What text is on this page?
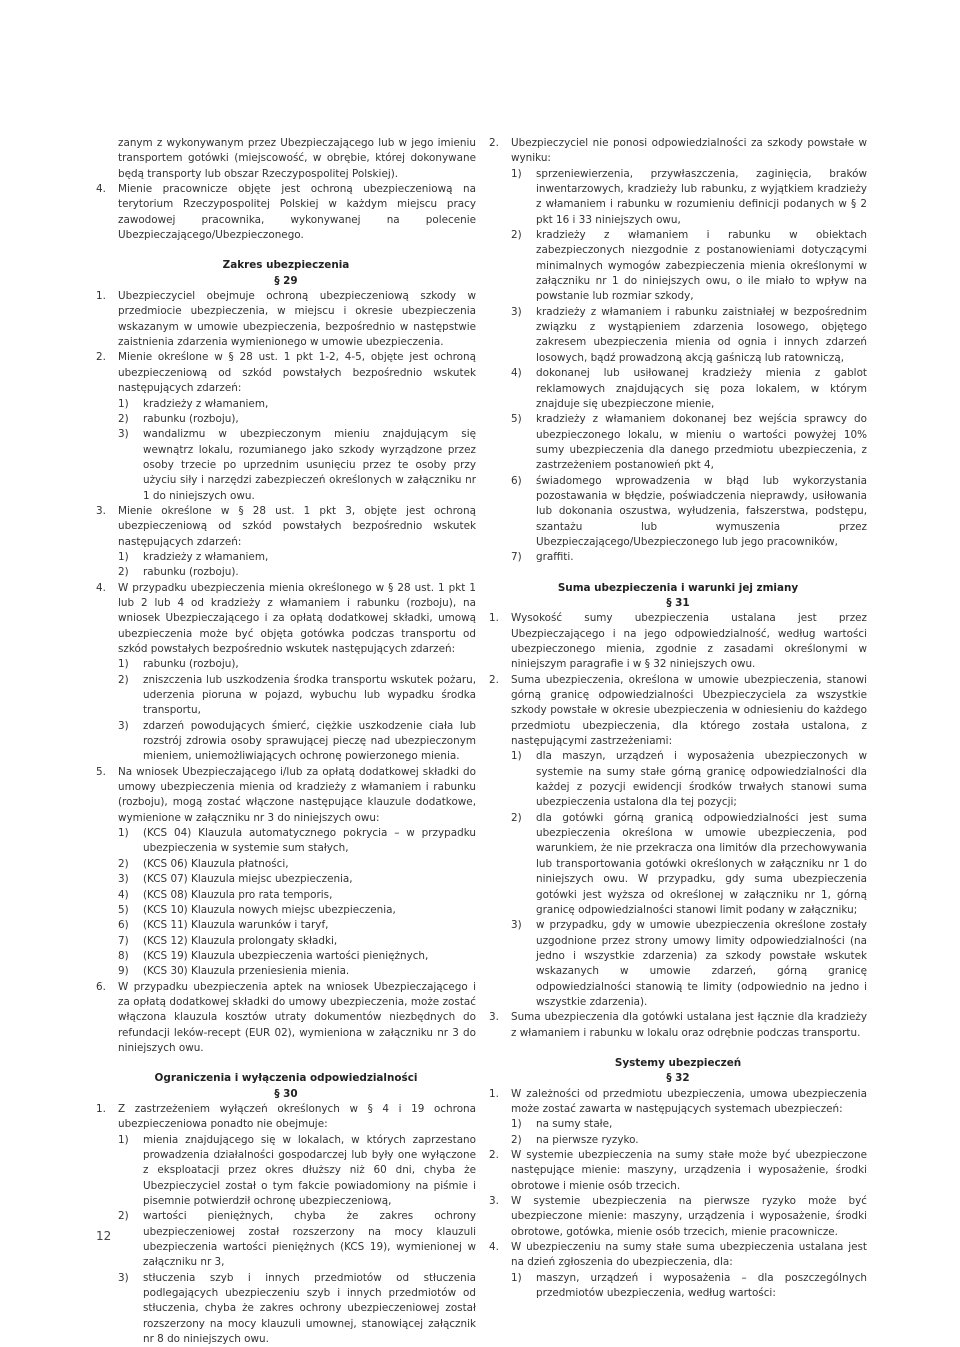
zanym z wykonywanym przez Ubezpieczającego lub w jego imieniu transportem gotówki (miejscowość, w obrębie, której dokonywane będą transporty lub obszar Rzeczypospolitej Polskiej).

4.	Mienie pracownicze objęte jest ochroną ubezpieczeniową na terytorium Rzeczypospolitej Polskiej w każdym miejscu pracy zawodowej pracownika, wykonywanej na polecenie Ubezpieczającego/Ubezpieczonego.

Zakres ubezpieczenia

§ 29

1.	Ubezpieczyciel obejmuje ochroną ubezpieczeniową szkody w przedmiocie ubezpieczenia, w miejscu i okresie ubezpieczenia wskazanym w umowie ubezpieczenia, bezpośrednio w następstwie zaistnienia zdarzenia wymienionego w umowie ubezpieczenia.
2.	Mienie określone w § 28 ust. 1 pkt 1-2, 4-5, objęte jest ochroną ubezpieczeniową od szkód powstałych bezpośrednio wskutek następujących zdarzeń:
1)	kradzieży z włamaniem,
2)	rabunku (rozboju),
3)	wandalizmu w ubezpieczonym mieniu znajdującym się wewnątrz lokalu, rozumianego jako szkody wyrządzone przez osoby trzecie po uprzednim usunięciu przez te osoby przy użyciu siły i narzędzi zabezpieczeń określonych w załączniku nr 1 do niniejszych owu.
3.	Mienie określone w § 28 ust. 1 pkt 3, objęte jest ochroną ubezpieczeniową od szkód powstałych bezpośrednio wskutek następujących zdarzeń:
1)	kradzieży z włamaniem,
2)	rabunku (rozboju).
4.	W przypadku ubezpieczenia mienia określonego w § 28 ust. 1 pkt 1 lub 2 lub 4 od kradzieży z włamaniem i rabunku (rozboju), na wniosek Ubezpieczającego i za opłatą dodatkowej składki, umową ubezpieczenia może być objęta gotówka podczas transportu od szkód powstałych bezpośrednio wskutek następujących zdarzeń:
1)	rabunku (rozboju),
2)	zniszczenia lub uszkodzenia środka transportu wskutek pożaru, uderzenia pioruna w pojazd, wybuchu lub wypadku środka transportu,
3)	zdarzeń powodujących śmierć, ciężkie uszkodzenie ciała lub rozstrój zdrowia osoby sprawującej pieczę nad ubezpieczonym mieniem, uniemożliwiających ochronę powierzonego mienia.
5.	Na wniosek Ubezpieczającego i/lub za opłatą dodatkowej składki do umowy ubezpieczenia mienia od kradzieży z włamaniem i rabunku (rozboju), mogą zostać włączone następujące klauzule dodatkowe, wymienione w załączniku nr 3 do niniejszych owu:
1)	(KCS 04) Klauzula automatycznego pokrycia – w przypadku ubezpieczenia w systemie sum stałych,
2)	(KCS 06) Klauzula płatności,
3)	(KCS 07) Klauzula miejsc ubezpieczenia,
4)	(KCS 08) Klauzula pro rata temporis,
5)	(KCS 10) Klauzula nowych miejsc ubezpieczenia,
6)	(KCS 11) Klauzula warunków i taryf,
7)	(KCS 12) Klauzula prolongaty składki,
8)	(KCS 19) Klauzula ubezpieczenia wartości pieniężnych,
9)	(KCS 30) Klauzula przeniesienia mienia.
6.	W przypadku ubezpieczenia aptek na wniosek Ubezpieczającego i za opłatą dodatkowej składki do umowy ubezpieczenia, może zostać włączona klauzula kosztów utraty dokumentów niezbędnych do refundacji leków-recept (EUR 02), wymieniona w załączniku nr 3 do niniejszych owu.

Ograniczenia i wyłączenia odpowiedzialności

§ 30

1.	Z zastrzeżeniem wyłączeń określonych w § 4 i 19 ochrona ubezpieczeniowa ponadto nie obejmuje:
1)	mienia znajdującego się w lokalach, w których zaprzestano prowadzenia działalności gospodarczej lub były one wyłączone z eksploatacji przez okres dłuższy niż 60 dni, chyba że Ubezpieczyciel został o tym fakcie powiadomiony na piśmie i pisemnie potwierdził ochronę ubezpieczeniową,
2)	wartości pieniężnych, chyba że zakres ochrony ubezpieczeniowej został rozszerzony na mocy klauzuli ubezpieczenia wartości pieniężnych (KCS 19), wymienionej w załączniku nr 3,
3)	stłuczenia szyb i innych przedmiotów od stłuczenia podlegających ubezpieczeniu szyb i innych przedmiotów od stłuczenia, chyba że zakres ochrony ubezpieczeniowej został rozszerzony na mocy klauzuli umownej, stanowiącej załącznik nr 8 do niniejszych owu.
2.	Ubezpieczyciel nie ponosi odpowiedzialności za szkody powstałe w wyniku:
1)	sprzeniewierzenia, przywłaszczenia, zaginięcia, braków inwentarzowych, kradzieży lub rabunku, z wyjątkiem kradzieży z włamaniem i rabunku w rozumieniu definicji podanych w § 2 pkt 16 i 33 niniejszych owu,
2)	kradzieży z włamaniem i rabunku w obiektach zabezpieczonych niezgodnie z postanowieniami dotyczącymi minimalnych wymogów zabezpieczenia mienia określonymi w załączniku nr 1 do niniejszych owu, o ile miało to wpływ na powstanie lub rozmiar szkody,
3)	kradzieży z włamaniem i rabunku zaistniałej w bezpośrednim związku z wystąpieniem zdarzenia losowego, objętego zakresem ubezpieczenia mienia od ognia i innych zdarzeń losowych, bądź prowadzoną akcją gaśniczą lub ratowniczą,
4)	dokonanej lub usiłowanej kradzieży mienia z gablot reklamowych znajdujących się poza lokalem, w którym znajduje się ubezpieczone mienie,
5)	kradzieży z włamaniem dokonanej bez wejścia sprawcy do ubezpieczonego lokalu, w mieniu o wartości powyżej 10% sumy ubezpieczenia dla danego przedmiotu ubezpieczenia, z zastrzeżeniem postanowień pkt 4,
6)	świadomego wprowadzenia w błąd lub wykorzystania pozostawania w błędzie, poświadczenia nieprawdy, usiłowania lub dokonania oszustwa, wyłudzenia, fałszerstwa, podstępu, szantażu lub wymuszenia przez Ubezpieczającego/Ubezpieczonego lub jego pracowników,
7)	graffiti.

Suma ubezpieczenia i warunki jej zmiany

§ 31

1.	Wysokość sumy ubezpieczenia ustalana jest przez Ubezpieczającego i na jego odpowiedzialność, według wartości ubezpieczonego mienia, zgodnie z zasadami określonymi w niniejszym paragrafie i w § 32 niniejszych owu.
2.	Suma ubezpieczenia, określona w umowie ubezpieczenia, stanowi górną granicę odpowiedzialności Ubezpieczyciela za wszystkie szkody powstałe w okresie ubezpieczenia w odniesieniu do każdego przedmiotu ubezpieczenia, dla którego została ustalona, z następującymi zastrzeżeniami:
1)	dla maszyn, urządzeń i wyposażenia ubezpieczonych w systemie na sumy stałe górną granicę odpowiedzialności dla każdej z pozycji ewidencji środków trwałych stanowi suma ubezpieczenia ustalona dla tej pozycji;
2)	dla gotówki górną granicą odpowiedzialności jest suma ubezpieczenia określona w umowie ubezpieczenia, pod warunkiem, że nie przekracza ona limitów dla przechowywania lub transportowania gotówki określonych w załączniku nr 1 do niniejszych owu. W przypadku, gdy suma ubezpieczenia gotówki jest wyższa od określonej w załączniku nr 1, górną granicę odpowiedzialności stanowi limit podany w załączniku;
3)	w przypadku, gdy w umowie ubezpieczenia określone zostały uzgodnione przez strony umowy limity odpowiedzialności (na jedno i wszystkie zdarzenia) za szkody powstałe wskutek wskazanych w umowie zdarzeń, górną granicę odpowiedzialności stanowią te limity (odpowiednio na jedno i wszystkie zdarzenia).
3.	Suma ubezpieczenia dla gotówki ustalana jest łącznie dla kradzieży z włamaniem i rabunku w lokalu oraz odrębnie podczas transportu.

Systemy ubezpieczeń

§ 32

1.	W zależności od przedmiotu ubezpieczenia, umowa ubezpieczenia może zostać zawarta w następujących systemach ubezpieczeń:
1)	na sumy stałe,
2)	na pierwsze ryzyko.
2.	W systemie ubezpieczenia na sumy stałe może być ubezpieczone następujące mienie: maszyny, urządzenia i wyposażenie, środki obrotowe i mienie osób trzecich.
3.	W systemie ubezpieczenia na pierwsze ryzyko może być ubezpieczone mienie: maszyny, urządzenia i wyposażenie, środki obrotowe, gotówka, mienie osób trzecich, mienie pracownicze.
4.	W ubezpieczeniu na sumy stałe suma ubezpieczenia ustalana jest na dzień zgłoszenia do ubezpieczenia, dla:
1)	maszyn, urządzeń i wyposażenia – dla poszczególnych przedmiotów ubezpieczenia, według wartości:
12
